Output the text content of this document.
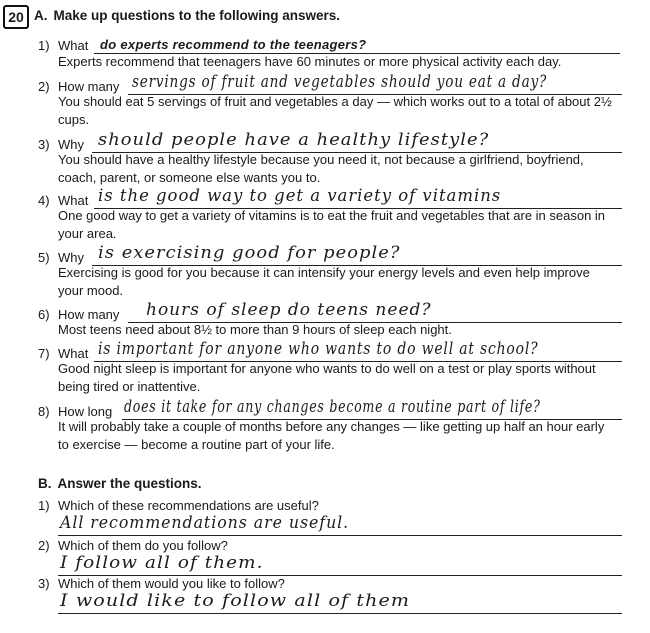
20 A. Make up questions to the following answers.
1) What do experts recommend to the teenagers?
Experts recommend that teenagers have 60 minutes or more physical activity each day.
2) How many servings of fruit and vegetables should you eat a day?
You should eat 5 servings of fruit and vegetables a day — which works out to a total of about 2½ cups.
3) Why should people have a healthy lifestyle?
You should have a healthy lifestyle because you need it, not because a girlfriend, boyfriend, coach, parent, or someone else wants you to.
4) What is the good way to get a variety of vitamins
One good way to get a variety of vitamins is to eat the fruit and vegetables that are in season in your area.
5) Why is exercising good for people?
Exercising is good for you because it can intensify your energy levels and even help improve your mood.
6) How many hours of sleep do teens need?
Most teens need about 8½ to more than 9 hours of sleep each night.
7) What is important for anyone who wants to do well at school?
Good night sleep is important for anyone who wants to do well on a test or play sports without being tired or inattentive.
8) How long does it take for any changes become a routine part of life?
It will probably take a couple of months before any changes — like getting up half an hour early to exercise — become a routine part of your life.
B. Answer the questions.
1) Which of these recommendations are useful?
All recommendations are useful.
2) Which of them do you follow?
I follow all of them.
3) Which of them would you like to follow?
I would like to follow all of them
